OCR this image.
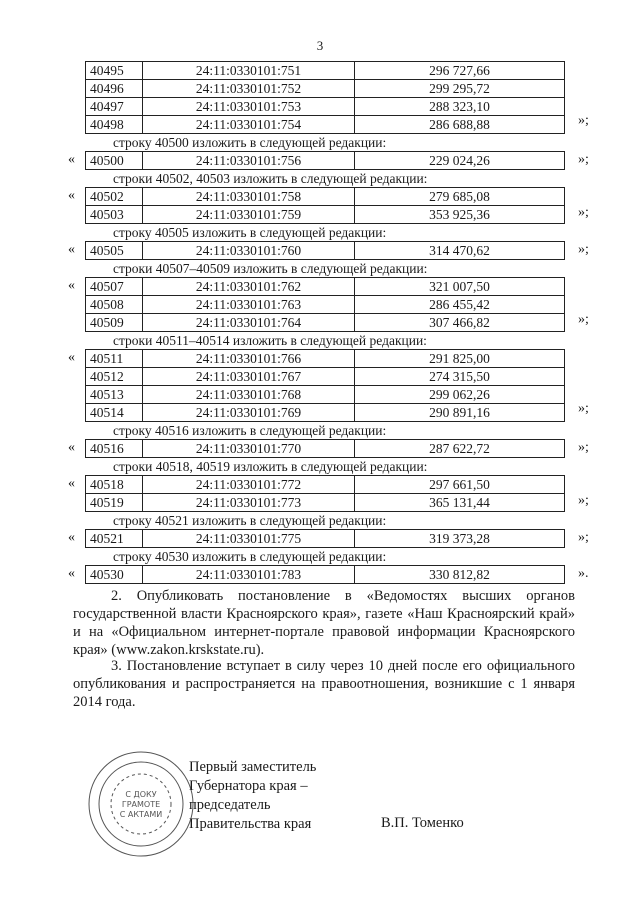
3
40495	24:11:0330101:751	296 727,66
40496	24:11:0330101:752	299 295,72
40497	24:11:0330101:753	288 323,10
40498	24:11:0330101:754	286 688,88	»;
строку 40500 изложить в следующей редакции:
« 40500	24:11:0330101:756	229 024,26	»;
строки 40502, 40503 изложить в следующей редакции:
« 40502	24:11:0330101:758	279 685,08
40503	24:11:0330101:759	353 925,36	»;
строку 40505 изложить в следующей редакции:
« 40505	24:11:0330101:760	314 470,62	»;
строки 40507–40509 изложить в следующей редакции:
« 40507	24:11:0330101:762	321 007,50
40508	24:11:0330101:763	286 455,42
40509	24:11:0330101:764	307 466,82	»;
строки 40511–40514 изложить в следующей редакции:
« 40511	24:11:0330101:766	291 825,00
40512	24:11:0330101:767	274 315,50
40513	24:11:0330101:768	299 062,26
40514	24:11:0330101:769	290 891,16	»;
строку 40516 изложить в следующей редакции:
« 40516	24:11:0330101:770	287 622,72	»;
строки 40518, 40519 изложить в следующей редакции:
« 40518	24:11:0330101:772	297 661,50
40519	24:11:0330101:773	365 131,44	»;
строку 40521 изложить в следующей редакции:
« 40521	24:11:0330101:775	319 373,28	»;
строку 40530 изложить в следующей редакции:
« 40530	24:11:0330101:783	330 812,82	».
2. Опубликовать постановление в «Ведомостях высших органов государственной власти Красноярского края», газете «Наш Красноярский край» и на «Официальном интернет-портале правовой информации Красноярского края» (www.zakon.krskstate.ru).
3. Постановление вступает в силу через 10 дней после его официального опубликования и распространяется на правоотношения, возникшие с 1 января 2014 года.
С ДОКУ
ГРАМОТЕ
С АКТАМИ
Первый заместитель
Губернатора края –
председатель
Правительства края	В.П. Томенко
